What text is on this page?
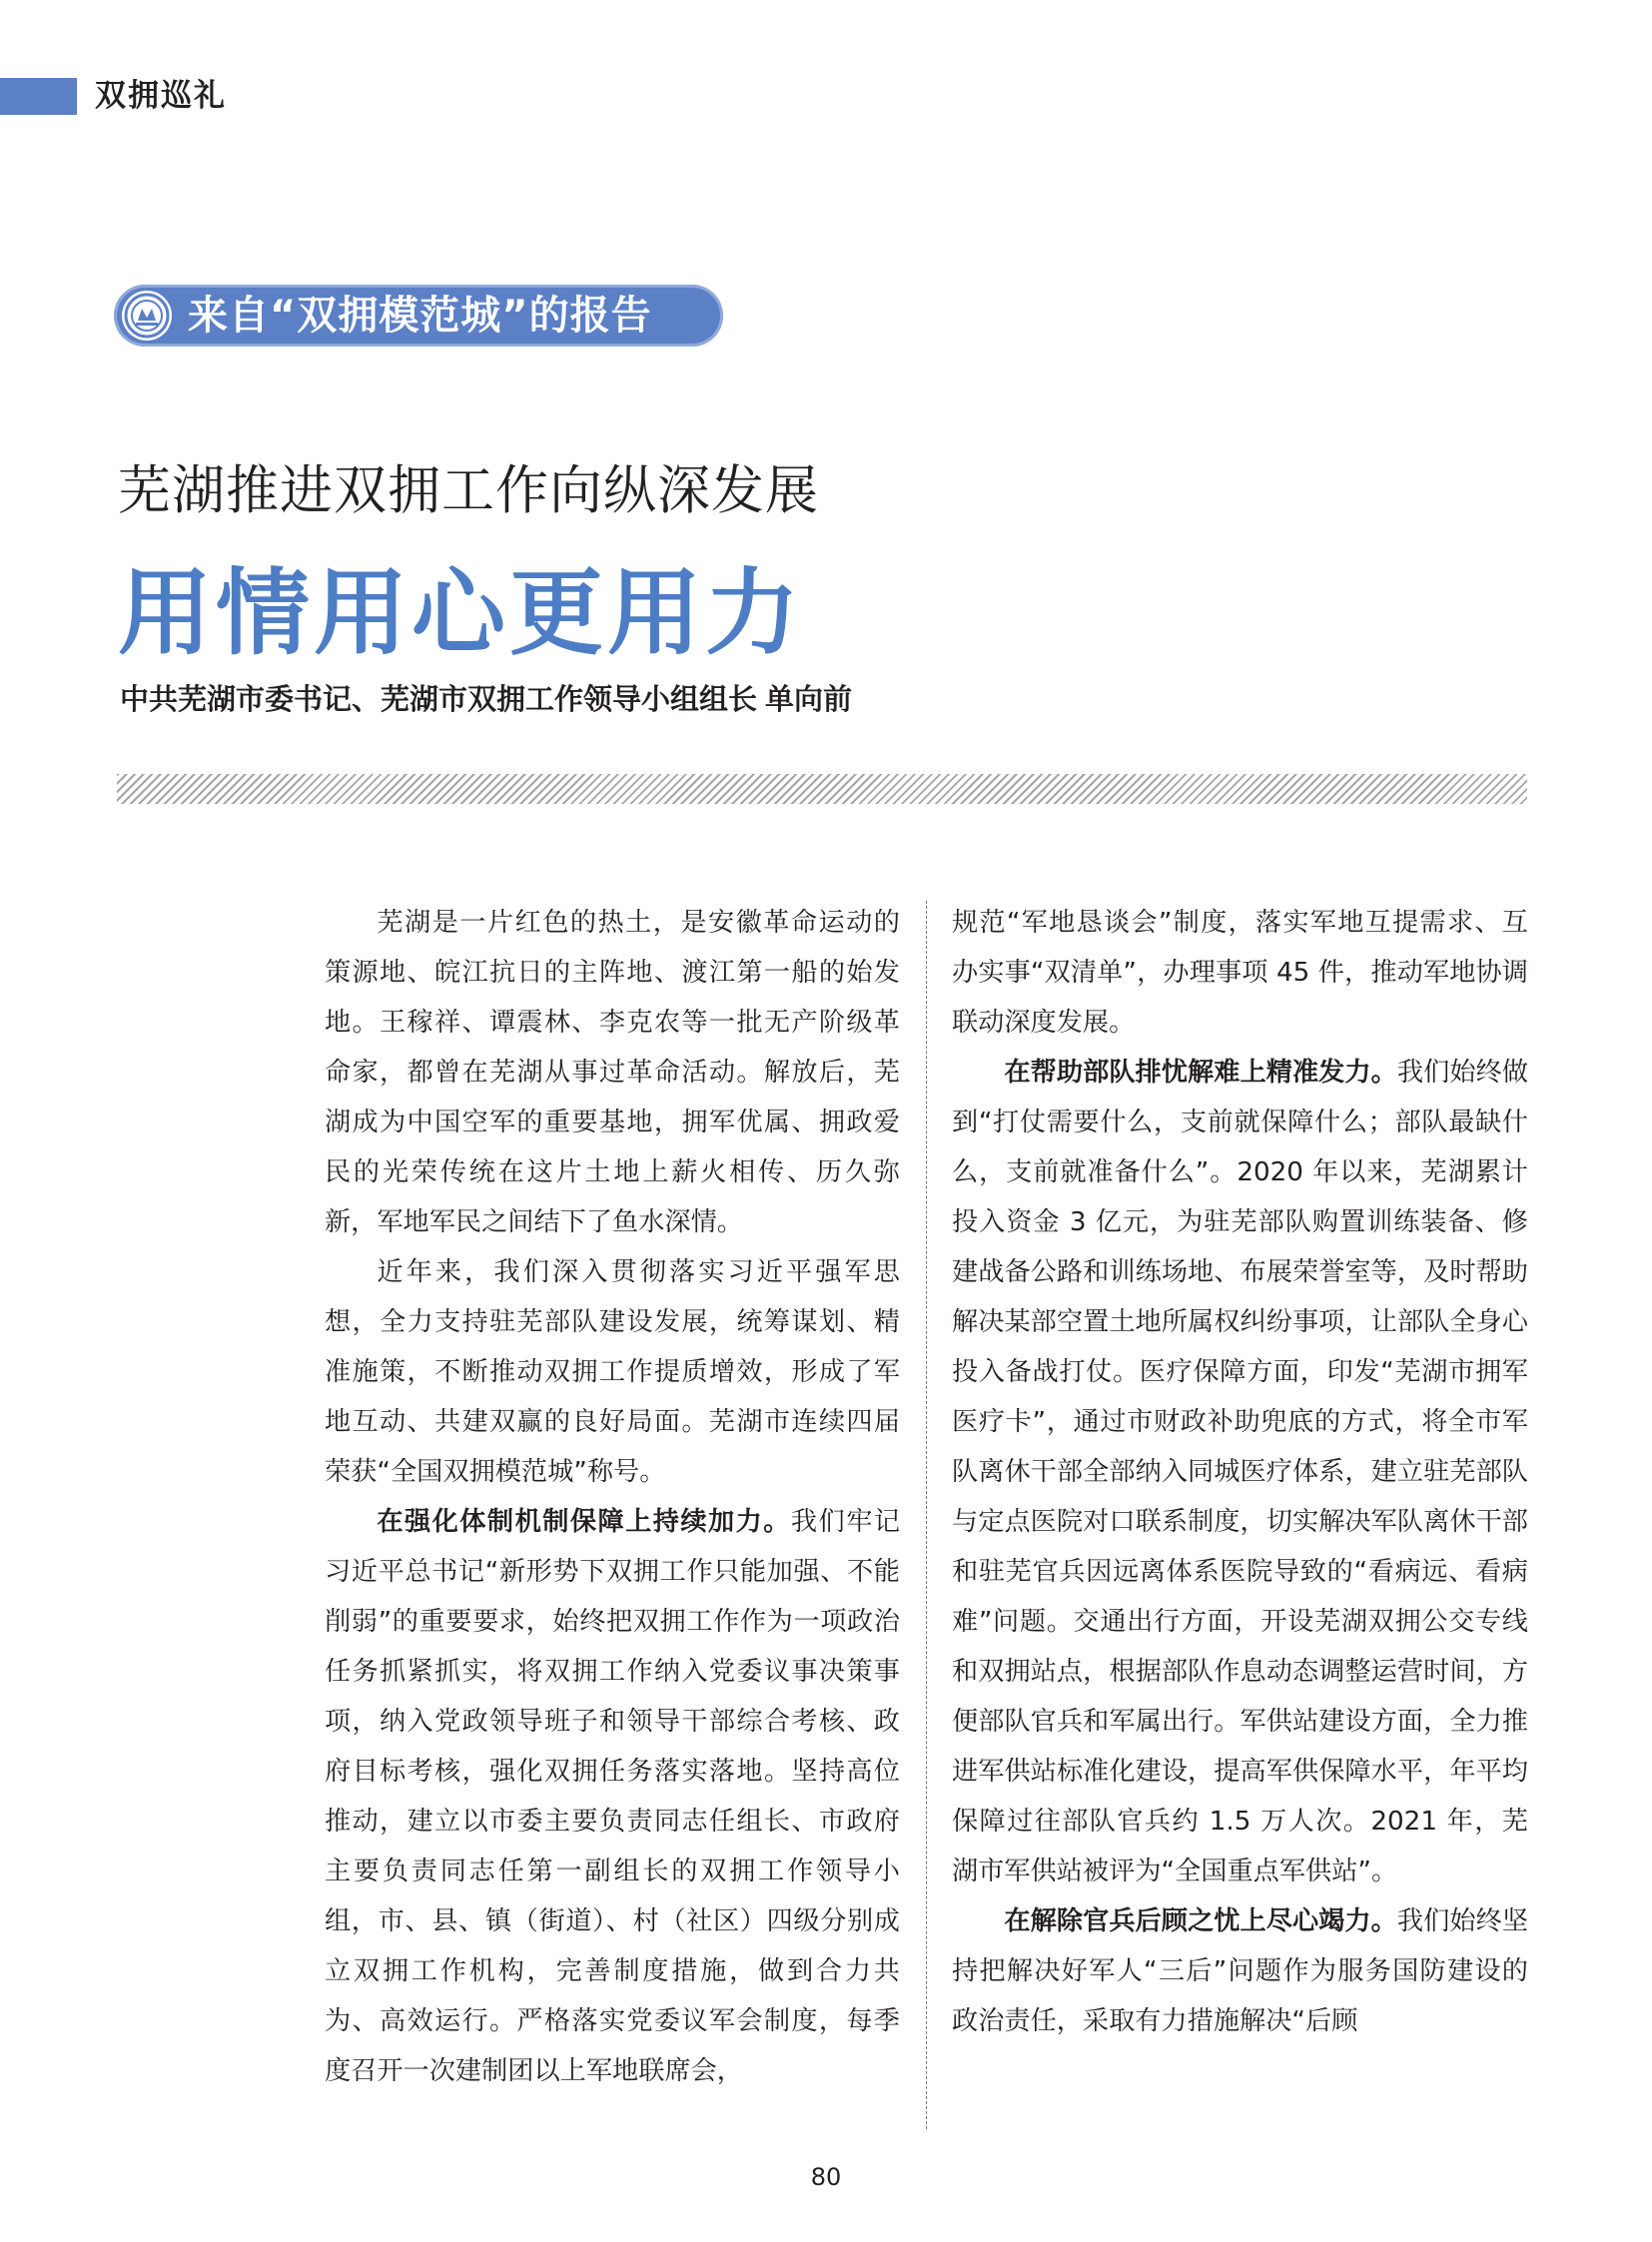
双拥巡礼
来自“双拥模范城”的报告
芜湖推进双拥工作向纵深发展
用情用心更用力
中共芜湖市委书记、芜湖市双拥工作领导小组组长 单向前

芜湖是一片红色的热土，是安徽革命运动的策源地、皖江抗日的主阵地、渡江第一船的始发地。王稼祥、谭震林、李克农等一批无产阶级革命家，都曾在芜湖从事过革命活动。解放后，芜湖成为中国空军的重要基地，拥军优属、拥政爱民的光荣传统在这片土地上薪火相传、历久弥新，军地军民之间结下了鱼水深情。

近年来，我们深入贯彻落实习近平强军思想，全力支持驻芜部队建设发展，统筹谋划、精准施策，不断推动双拥工作提质增效，形成了军地互动、共建双赢的良好局面。芜湖市连续四届荣获“全国双拥模范城”称号。

在强化体制机制保障上持续加力。我们牢记习近平总书记“新形势下双拥工作只能加强、不能削弱”的重要要求，始终把双拥工作作为一项政治任务抓紧抓实，将双拥工作纳入党委议事决策事项，纳入党政领导班子和领导干部综合考核、政府目标考核，强化双拥任务落实落地。坚持高位推动，建立以市委主要负责同志任组长、市政府主要负责同志任第一副组长的双拥工作领导小组，市、县、镇（街道）、村（社区）四级分别成立双拥工作机构，完善制度措施，做到合力共为、高效运行。严格落实党委议军会制度，每季度召开一次建制团以上军地联席会，

规范“军地恳谈会”制度，落实军地互提需求、互办实事“双清单”，办理事项 45 件，推动军地协调联动深度发展。

在帮助部队排忧解难上精准发力。我们始终做到“打仗需要什么，支前就保障什么；部队最缺什么，支前就准备什么”。2020 年以来，芜湖累计投入资金 3 亿元，为驻芜部队购置训练装备、修建战备公路和训练场地、布展荣誉室等，及时帮助解决某部空置土地所属权纠纷事项，让部队全身心投入备战打仗。医疗保障方面，印发“芜湖市拥军医疗卡”，通过市财政补助兜底的方式，将全市军队离休干部全部纳入同城医疗体系，建立驻芜部队与定点医院对口联系制度，切实解决军队离休干部和驻芜官兵因远离体系医院导致的“看病远、看病难”问题。交通出行方面，开设芜湖双拥公交专线和双拥站点，根据部队作息动态调整运营时间，方便部队官兵和军属出行。军供站建设方面，全力推进军供站标准化建设，提高军供保障水平，年平均保障过往部队官兵约 1.5 万人次。2021 年，芜湖市军供站被评为“全国重点军供站”。

在解除官兵后顾之忧上尽心竭力。我们始终坚持把解决好军人“三后”问题作为服务国防建设的政治责任，采取有力措施解决“后顾

80
